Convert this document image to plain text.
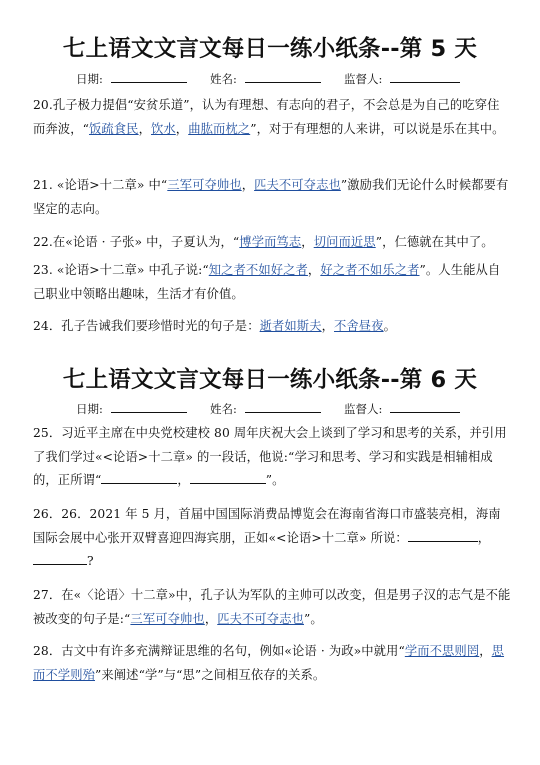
七上语文文言文每日一练小纸条--第 5 天
日期:	姓名:	监督人:
20.孔子极力提倡“安贫乐道”，认为有理想、有志向的君子，不会总是为自己的吃穿住而奔波，“饭疏食民，饮水，曲肱而枕之”，对于有理想的人来讲，可以说是乐在其中。
21. «论语>十二章» 中“三军可夺帅也，匹夫不可夺志也”激励我们无论什么时候都要有坚定的志向。
22.在«论语 · 子张» 中，子夏认为，“博学而笃志，切问而近思”，仁德就在其中了。
23. «论语>十二章» 中孔子说:“知之者不如好之者，好之者不如乐之者”。人生能从自己职业中领略出趣味，生活才有价值。
24．孔子告诫我们要珍惜时光的句子是：逝者如斯夫，不舍昼夜。
七上语文文言文每日一练小纸条--第 6 天
日期:	姓名:	监督人:
25．习近平主席在中央党校建校 80 周年庆祝大会上谈到了学习和思考的关系，并引用了我们学过«<论语>十二章» 的一段话，他说:“学习和思考、学习和实践是相辅相成的，正所谓“	，	”。
26．26．2021 年 5 月，首届中国国际消费品博览会在海南省海口市盛装亮相，海南国际会展中心张开双臂喜迎四海宾朋，正如«<论语>十二章» 所说：	，?
27．在«〈论语〉十二章»中，孔子认为军队的主帅可以改变，但是男子汉的志气是不能被改变的句子是:“三军可夺帅也，匹夫不可夺志也”。
28．古文中有许多充满辩证思维的名句，例如«论语 · 为政»中就用“学而不思则罔，思而不学则殆”来阐述“学”与“思”之间相互依存的关系。
